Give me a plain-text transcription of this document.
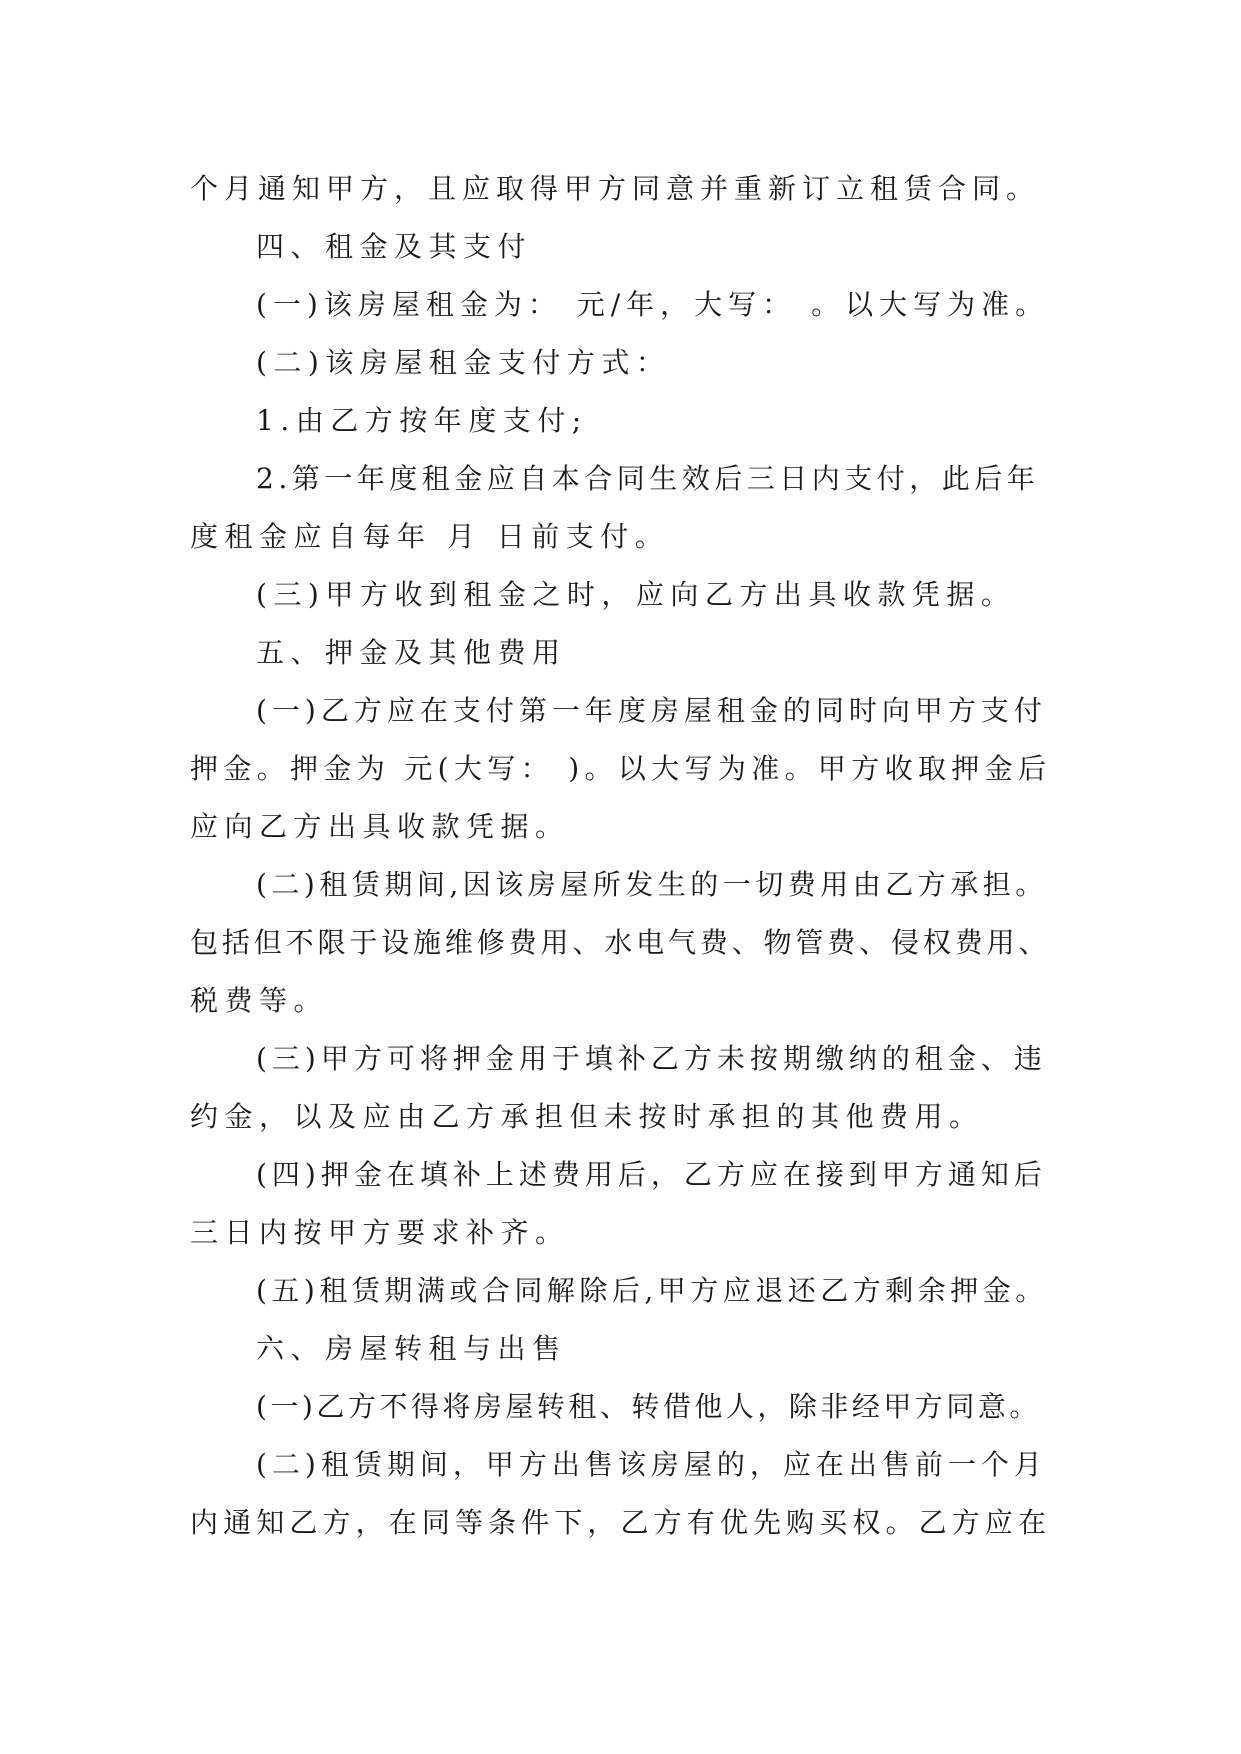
个月通知甲方，且应取得甲方同意并重新订立租赁合同。
四、租金及其支付
(一)该房屋租金为： 元/年，大写： 。以大写为准。
(二)该房屋租金支付方式：
1.由乙方按年度支付;
2.第一年度租金应自本合同生效后三日内支付，此后年
度租金应自每年 月 日前支付。
(三)甲方收到租金之时，应向乙方出具收款凭据。
五、押金及其他费用
(一)乙方应在支付第一年度房屋租金的同时向甲方支付
押金。押金为 元(大写： )。以大写为准。甲方收取押金后
应向乙方出具收款凭据。
(二)租赁期间,因该房屋所发生的一切费用由乙方承担。
包括但不限于设施维修费用、水电气费、物管费、侵权费用、
税费等。
(三)甲方可将押金用于填补乙方未按期缴纳的租金、违
约金，以及应由乙方承担但未按时承担的其他费用。
(四)押金在填补上述费用后，乙方应在接到甲方通知后
三日内按甲方要求补齐。
(五)租赁期满或合同解除后,甲方应退还乙方剩余押金。
六、房屋转租与出售
(一)乙方不得将房屋转租、转借他人，除非经甲方同意。
(二)租赁期间，甲方出售该房屋的，应在出售前一个月
内通知乙方，在同等条件下，乙方有优先购买权。乙方应在
